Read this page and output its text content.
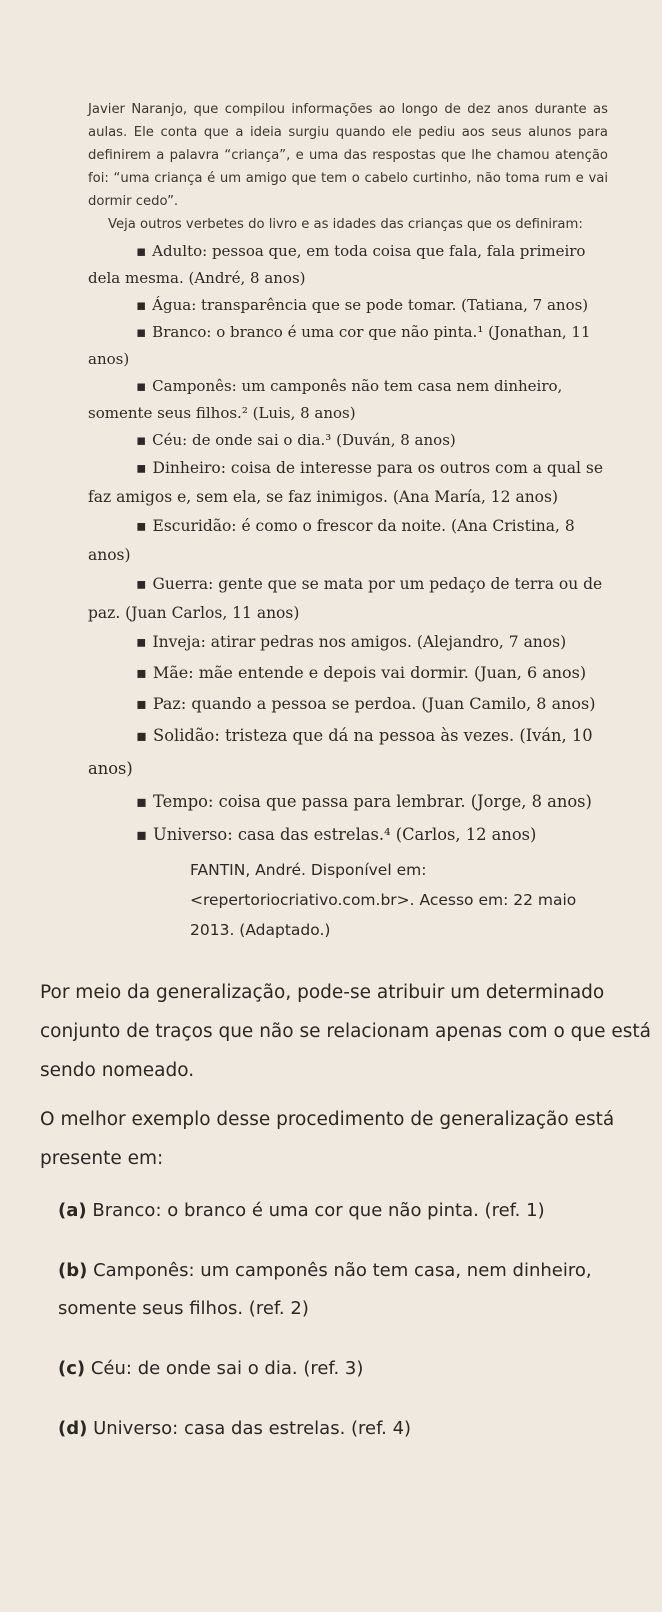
Javier Naranjo, que compilou informações ao longo de dez anos durante as aulas. Ele conta que a ideia surgiu quando ele pediu aos seus alunos para definirem a palavra “criança”, e uma das respostas que lhe chamou atenção foi: “uma criança é um amigo que tem o cabelo curtinho, não toma rum e vai dormir cedo”.

Veja outros verbetes do livro e as idades das crianças que os definiram:

▪ Adulto: pessoa que, em toda coisa que fala, fala primeiro dela mesma. (André, 8 anos)

▪ Água: transparência que se pode tomar. (Tatiana, 7 anos)

▪ Branco: o branco é uma cor que não pinta.¹ (Jonathan, 11 anos)

▪ Camponês: um camponês não tem casa nem dinheiro, somente seus filhos.² (Luis, 8 anos)

▪ Céu: de onde sai o dia.³ (Duván, 8 anos)

▪ Dinheiro: coisa de interesse para os outros com a qual se faz amigos e, sem ela, se faz inimigos. (Ana María, 12 anos)

▪ Escuridão: é como o frescor da noite. (Ana Cristina, 8 anos)

▪ Guerra: gente que se mata por um pedaço de terra ou de paz. (Juan Carlos, 11 anos)

▪ Inveja: atirar pedras nos amigos. (Alejandro, 7 anos)

▪ Mãe: mãe entende e depois vai dormir. (Juan, 6 anos)

▪ Paz: quando a pessoa se perdoa. (Juan Camilo, 8 anos)

▪ Solidão: tristeza que dá na pessoa às vezes. (Iván, 10 anos)

▪ Tempo: coisa que passa para lembrar. (Jorge, 8 anos)

▪ Universo: casa das estrelas.⁴ (Carlos, 12 anos)

FANTIN, André. Disponível em: <repertoriocriativo.com.br>. Acesso em: 22 maio 2013. (Adaptado.)

Por meio da generalização, pode-se atribuir um determinado conjunto de traços que não se relacionam apenas com o que está sendo nomeado.

O melhor exemplo desse procedimento de generalização está presente em:

(a) Branco: o branco é uma cor que não pinta. (ref. 1)

(b) Camponês: um camponês não tem casa, nem dinheiro, somente seus filhos. (ref. 2)

(c) Céu: de onde sai o dia. (ref. 3)

(d) Universo: casa das estrelas. (ref. 4)
